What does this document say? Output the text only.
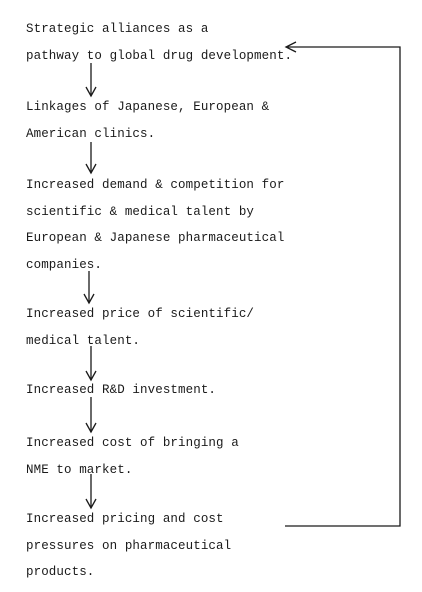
Strategic alliances as a
pathway to global drug development.
Linkages of Japanese, European &
American clinics.
Increased demand & competition for
scientific & medical talent by
European & Japanese pharmaceutical
companies.
Increased price of scientific/
medical talent.
Increased R&D investment.
Increased cost of bringing a
NME to market.
Increased pricing and cost
pressures on pharmaceutical
products.
